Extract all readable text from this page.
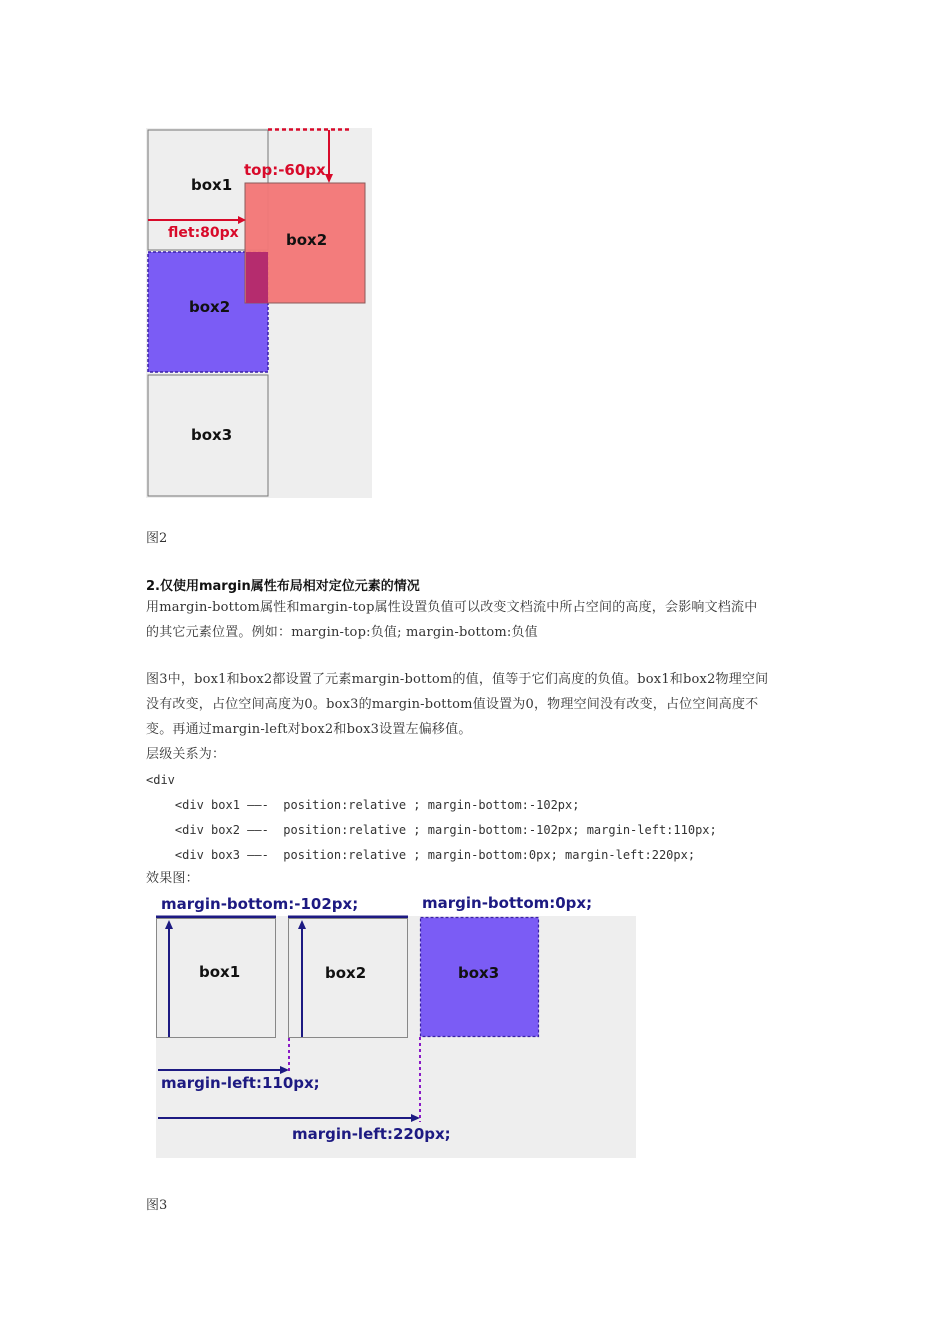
box1
box2
box2
box3
top:-60px
flet:80px
图2
2.仅使用margin属性布局相对定位元素的情况
用margin-bottom属性和margin-top属性设置负值可以改变文档流中所占空间的高度，会影响文档流中
的其它元素位置。例如：margin-top:负值; margin-bottom:负值
图3中，box1和box2都设置了元素margin-bottom的值，值等于它们高度的负值。box1和box2物理空间
没有改变，占位空间高度为0。box3的margin-bottom值设置为0，物理空间没有改变，占位空间高度不
变。再通过margin-left对box2和box3设置左偏移值。
层级关系为：
<div
<div box1 ——-  position:relative ; margin-bottom:-102px;
<div box2 ——-  position:relative ; margin-bottom:-102px; margin-left:110px;
<div box3 ——-  position:relative ; margin-bottom:0px; margin-left:220px;
效果图：
margin-bottom:-102px;	margin-bottom:0px;
box1	box2	box3
margin-left:110px;
margin-left:220px;
图3
